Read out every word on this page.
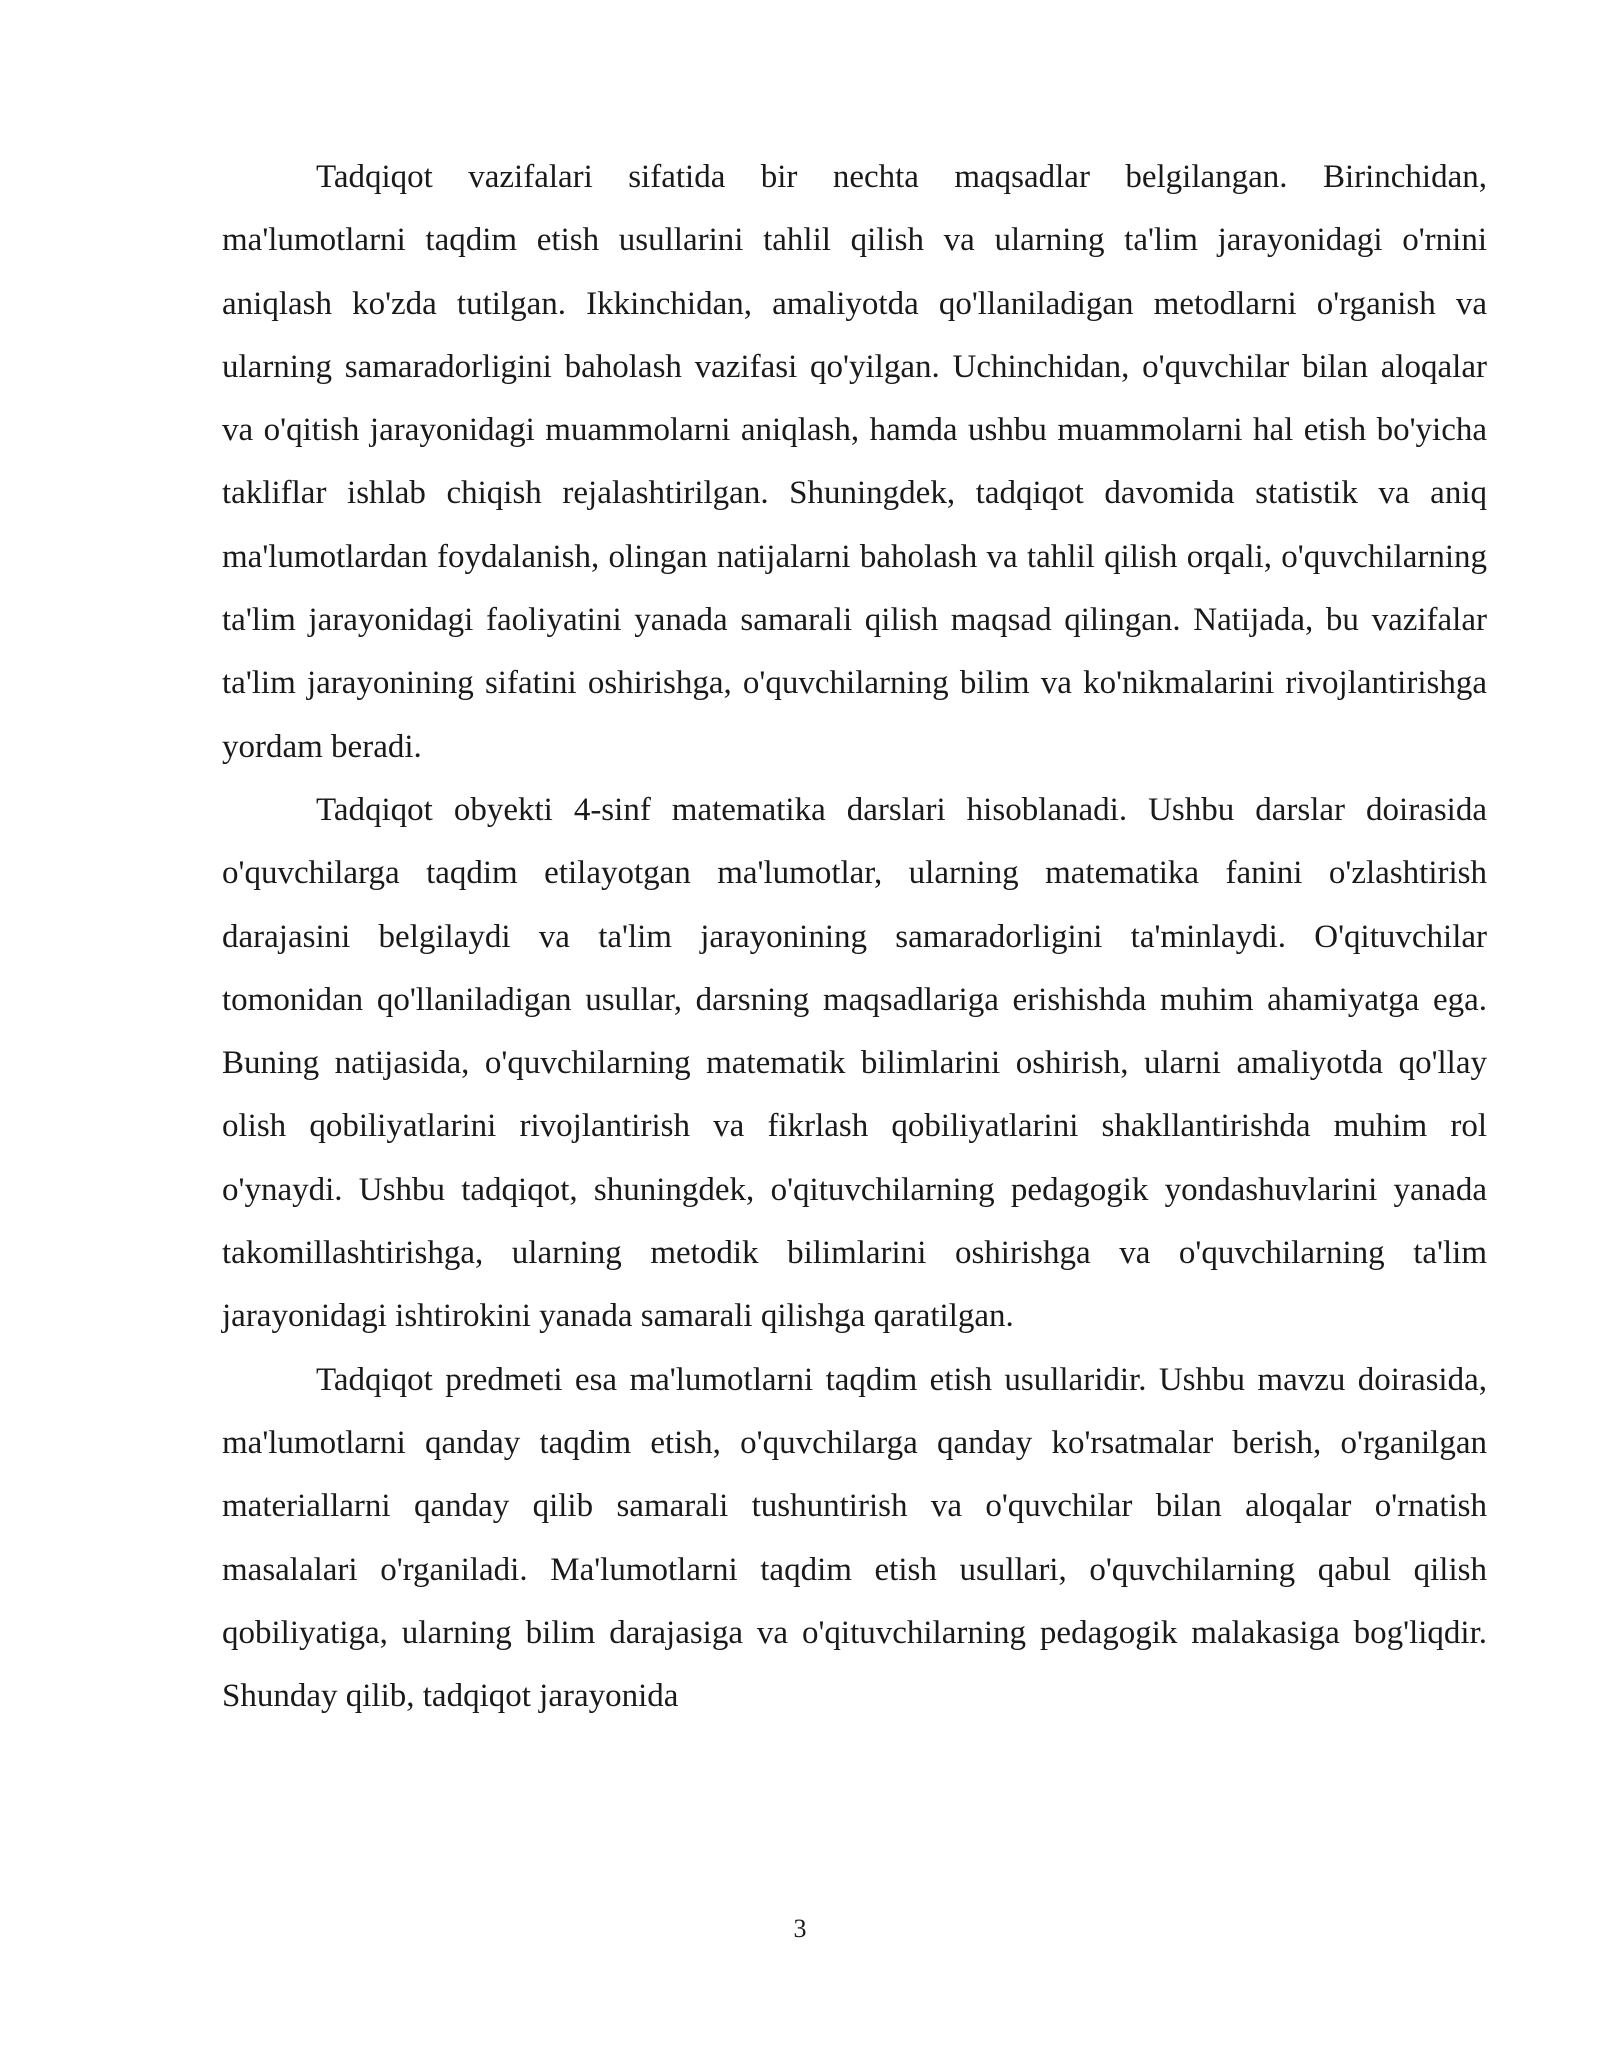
Tadqiqot vazifalari sifatida bir nechta maqsadlar belgilangan. Birinchidan, ma'lumotlarni taqdim etish usullarini tahlil qilish va ularning ta'lim jarayonidagi o'rnini aniqlash ko'zda tutilgan. Ikkinchidan, amaliyotda qo'llaniladigan metodlarni o'rganish va ularning samaradorligini baholash vazifasi qo'yilgan. Uchinchidan, o'quvchilar bilan aloqalar va o'qitish jarayonidagi muammolarni aniqlash, hamda ushbu muammolarni hal etish bo'yicha takliflar ishlab chiqish rejalashtirilgan. Shuningdek, tadqiqot davomida statistik va aniq ma'lumotlardan foydalanish, olingan natijalarni baholash va tahlil qilish orqali, o'quvchilarning ta'lim jarayonidagi faoliyatini yanada samarali qilish maqsad qilingan. Natijada, bu vazifalar ta'lim jarayonining sifatini oshirishga, o'quvchilarning bilim va ko'nikmalarini rivojlantirishga yordam beradi.

Tadqiqot obyekti 4-sinf matematika darslari hisoblanadi. Ushbu darslar doirasida o'quvchilarga taqdim etilayotgan ma'lumotlar, ularning matematika fanini o'zlashtirish darajasini belgilaydi va ta'lim jarayonining samaradorligini ta'minlaydi. O'qituvchilar tomonidan qo'llaniladigan usullar, darsning maqsadlariga erishishda muhim ahamiyatga ega. Buning natijasida, o'quvchilarning matematik bilimlarini oshirish, ularni amaliyotda qo'llay olish qobiliyatlarini rivojlantirish va fikrlash qobiliyatlarini shakllantirishda muhim rol o'ynaydi. Ushbu tadqiqot, shuningdek, o'qituvchilarning pedagogik yondashuvlarini yanada takomillashtirishga, ularning metodik bilimlarini oshirishga va o'quvchilarning ta'lim jarayonidagi ishtirokini yanada samarali qilishga qaratilgan.

Tadqiqot predmeti esa ma'lumotlarni taqdim etish usullaridir. Ushbu mavzu doirasida, ma'lumotlarni qanday taqdim etish, o'quvchilarga qanday ko'rsatmalar berish, o'rganilgan materiallarni qanday qilib samarali tushuntirish va o'quvchilar bilan aloqalar o'rnatish masalalari o'rganiladi. Ma'lumotlarni taqdim etish usullari, o'quvchilarning qabul qilish qobiliyatiga, ularning bilim darajasiga va o'qituvchilarning pedagogik malakasiga bog'liqdir. Shunday qilib, tadqiqot jarayonida

3
